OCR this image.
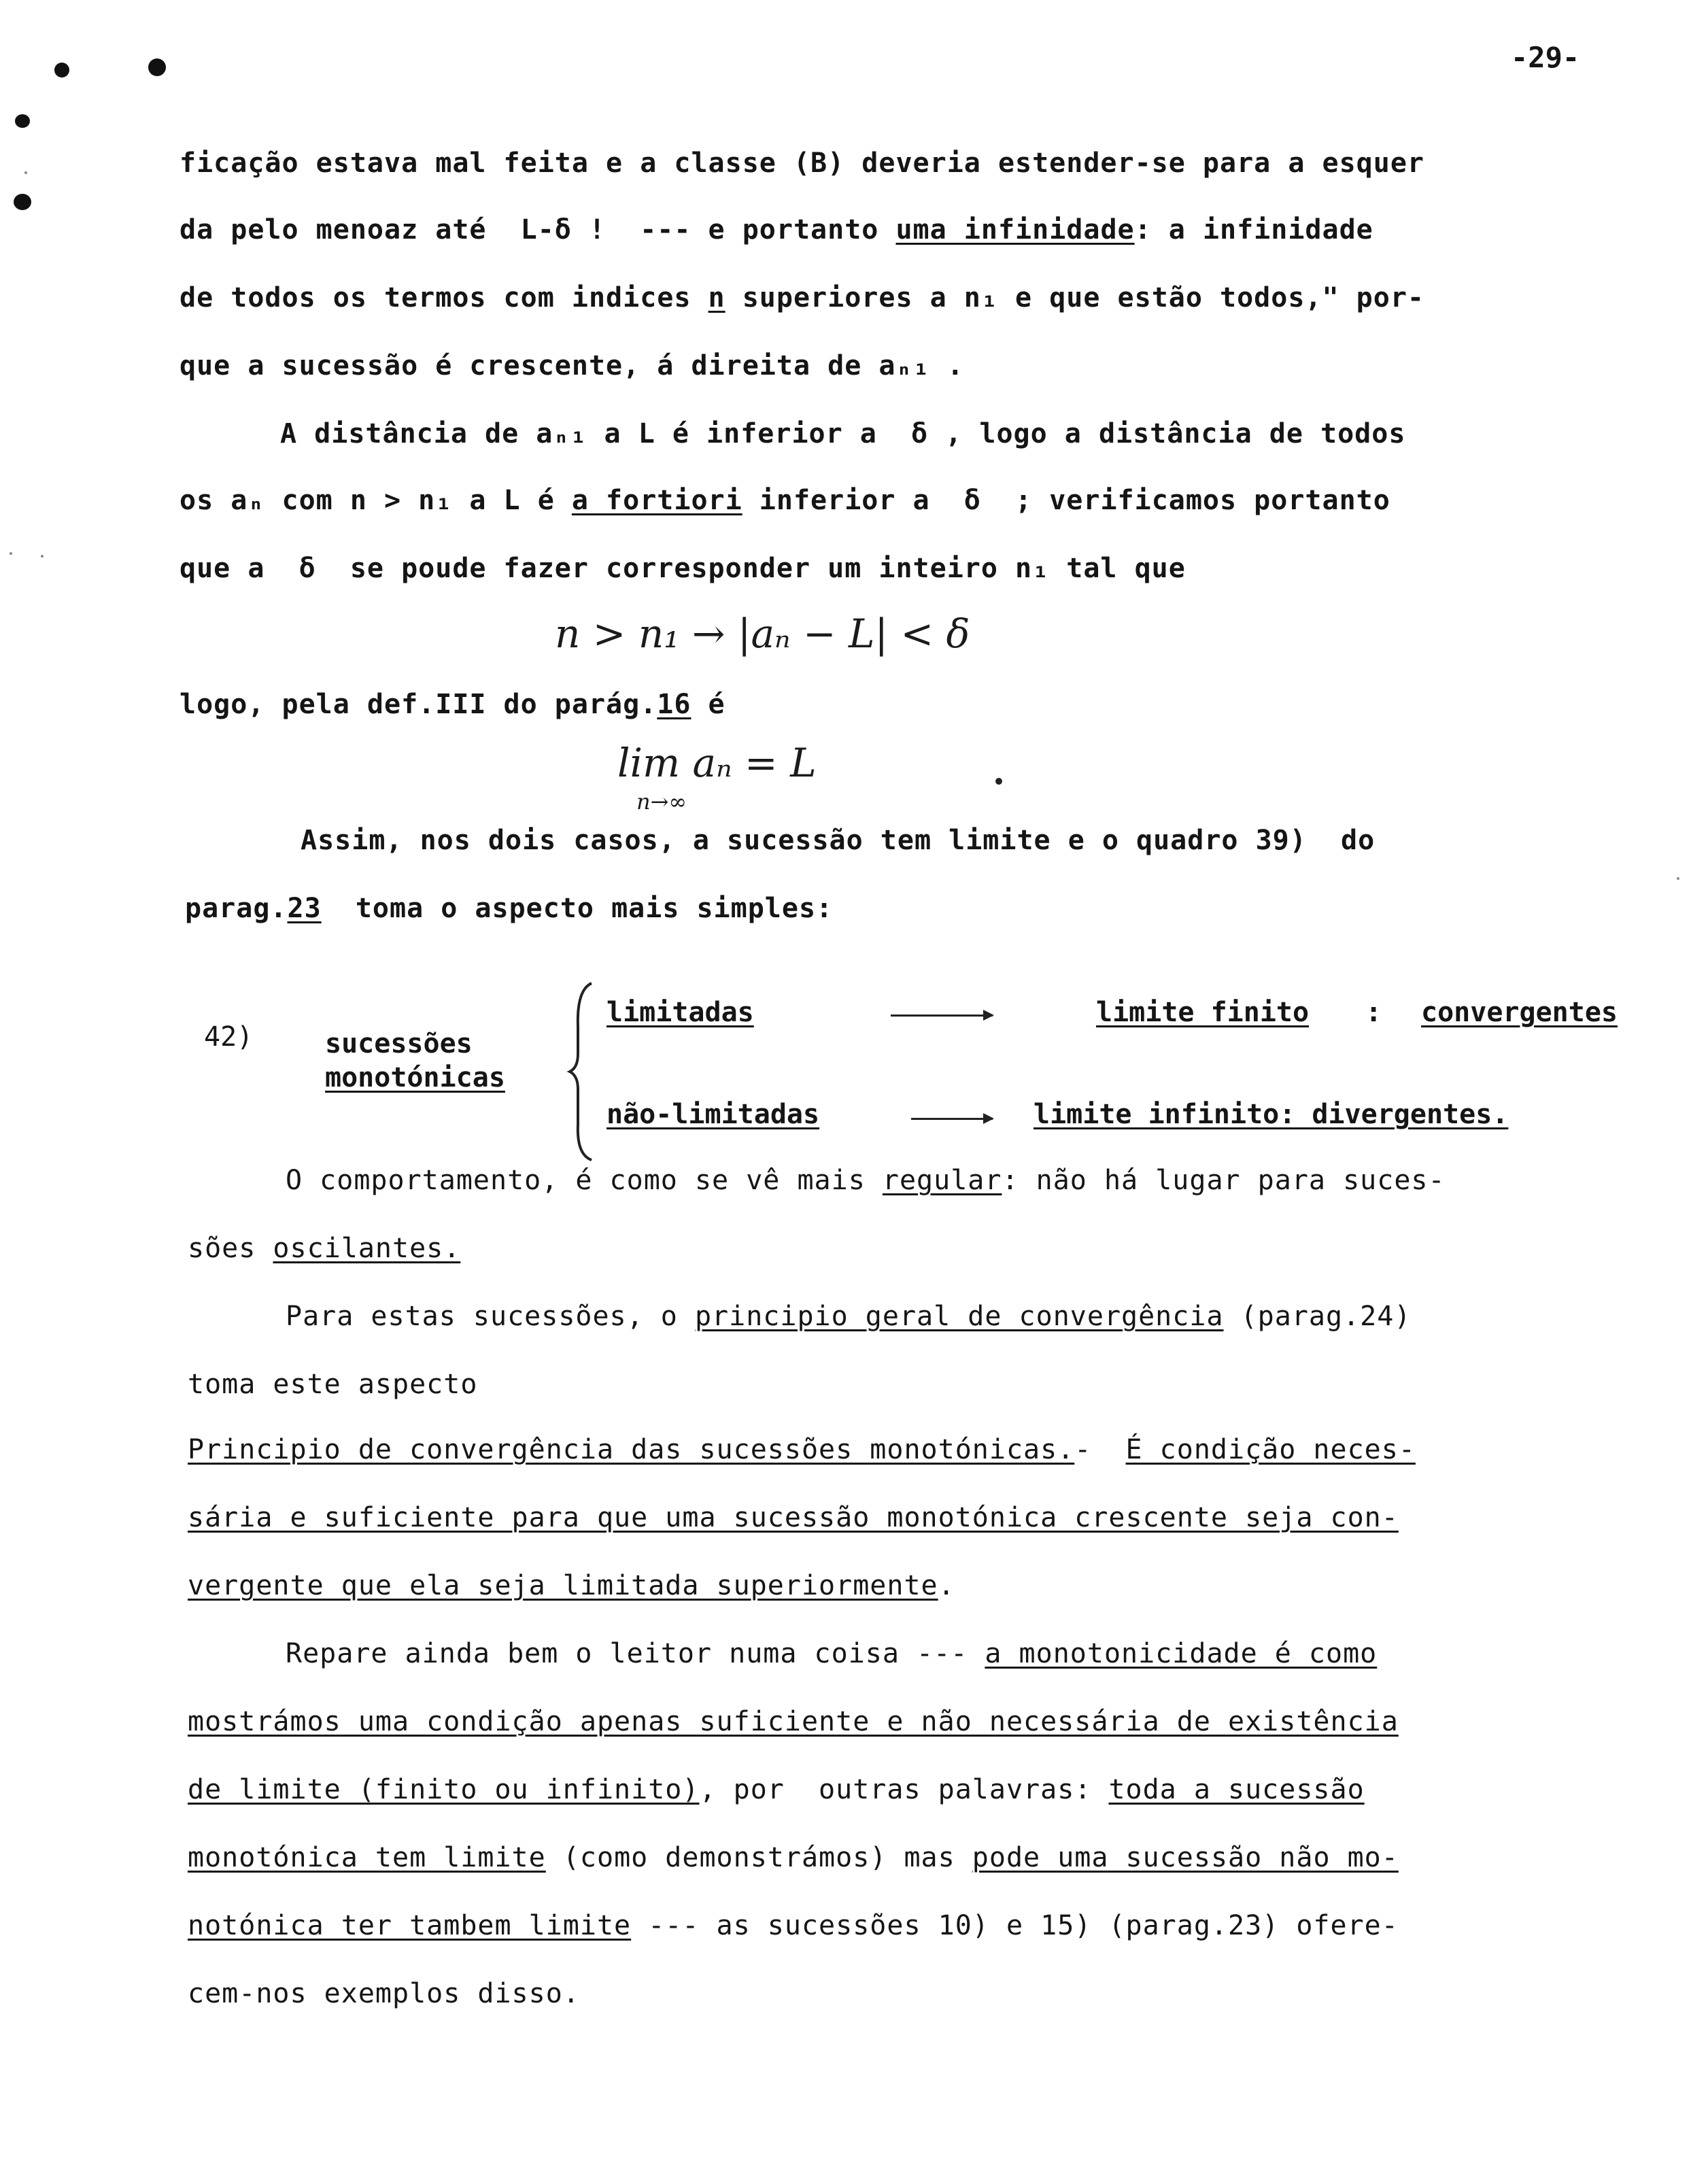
-29-
ficação estava mal feita e a classe (B) deveria estender-se para a esquer
da pelo menoaz até  L-δ !  --- e portanto uma infinidade: a infinidade
de todos os termos com indices n superiores a n₁ e que estão todos," por-
que a sucessão é crescente, á direita de aₙ₁ .
A distância de aₙ₁ a L é inferior a  δ , logo a distância de todos
os aₙ com n > n₁ a L é a fortiori inferior a  δ  ; verificamos portanto
que a  δ  se poude fazer corresponder um inteiro n₁ tal que
n > n₁ → |aₙ − L| < δ
logo, pela def.III do parág.16 é
lim aₙ = L
n→∞
Assim, nos dois casos, a sucessão tem limite e o quadro 39)  do
parag.23  toma o aspecto mais simples:
42)	sucessões
monotónicas
limitadas	limite finito : convergentes
não-limitadas	limite infinito: divergentes.
O comportamento, é como se vê mais regular: não há lugar para suces-
sões oscilantes.
Para estas sucessões, o principio geral de convergência (parag.24)
toma este aspecto
Principio de convergência das sucessões monotónicas.-  É condição neces-
sária e suficiente para que uma sucessão monotónica crescente seja con-
vergente que ela seja limitada superiormente.
Repare ainda bem o leitor numa coisa --- a monotonicidade é como
mostrámos uma condição apenas suficiente e não necessária de existência
de limite (finito ou infinito), por  outras palavras: toda a sucessão
monotónica tem limite (como demonstrámos) mas pode uma sucessão não mo-
notónica ter tambem limite --- as sucessões 10) e 15) (parag.23) ofere-
cem-nos exemplos disso.
